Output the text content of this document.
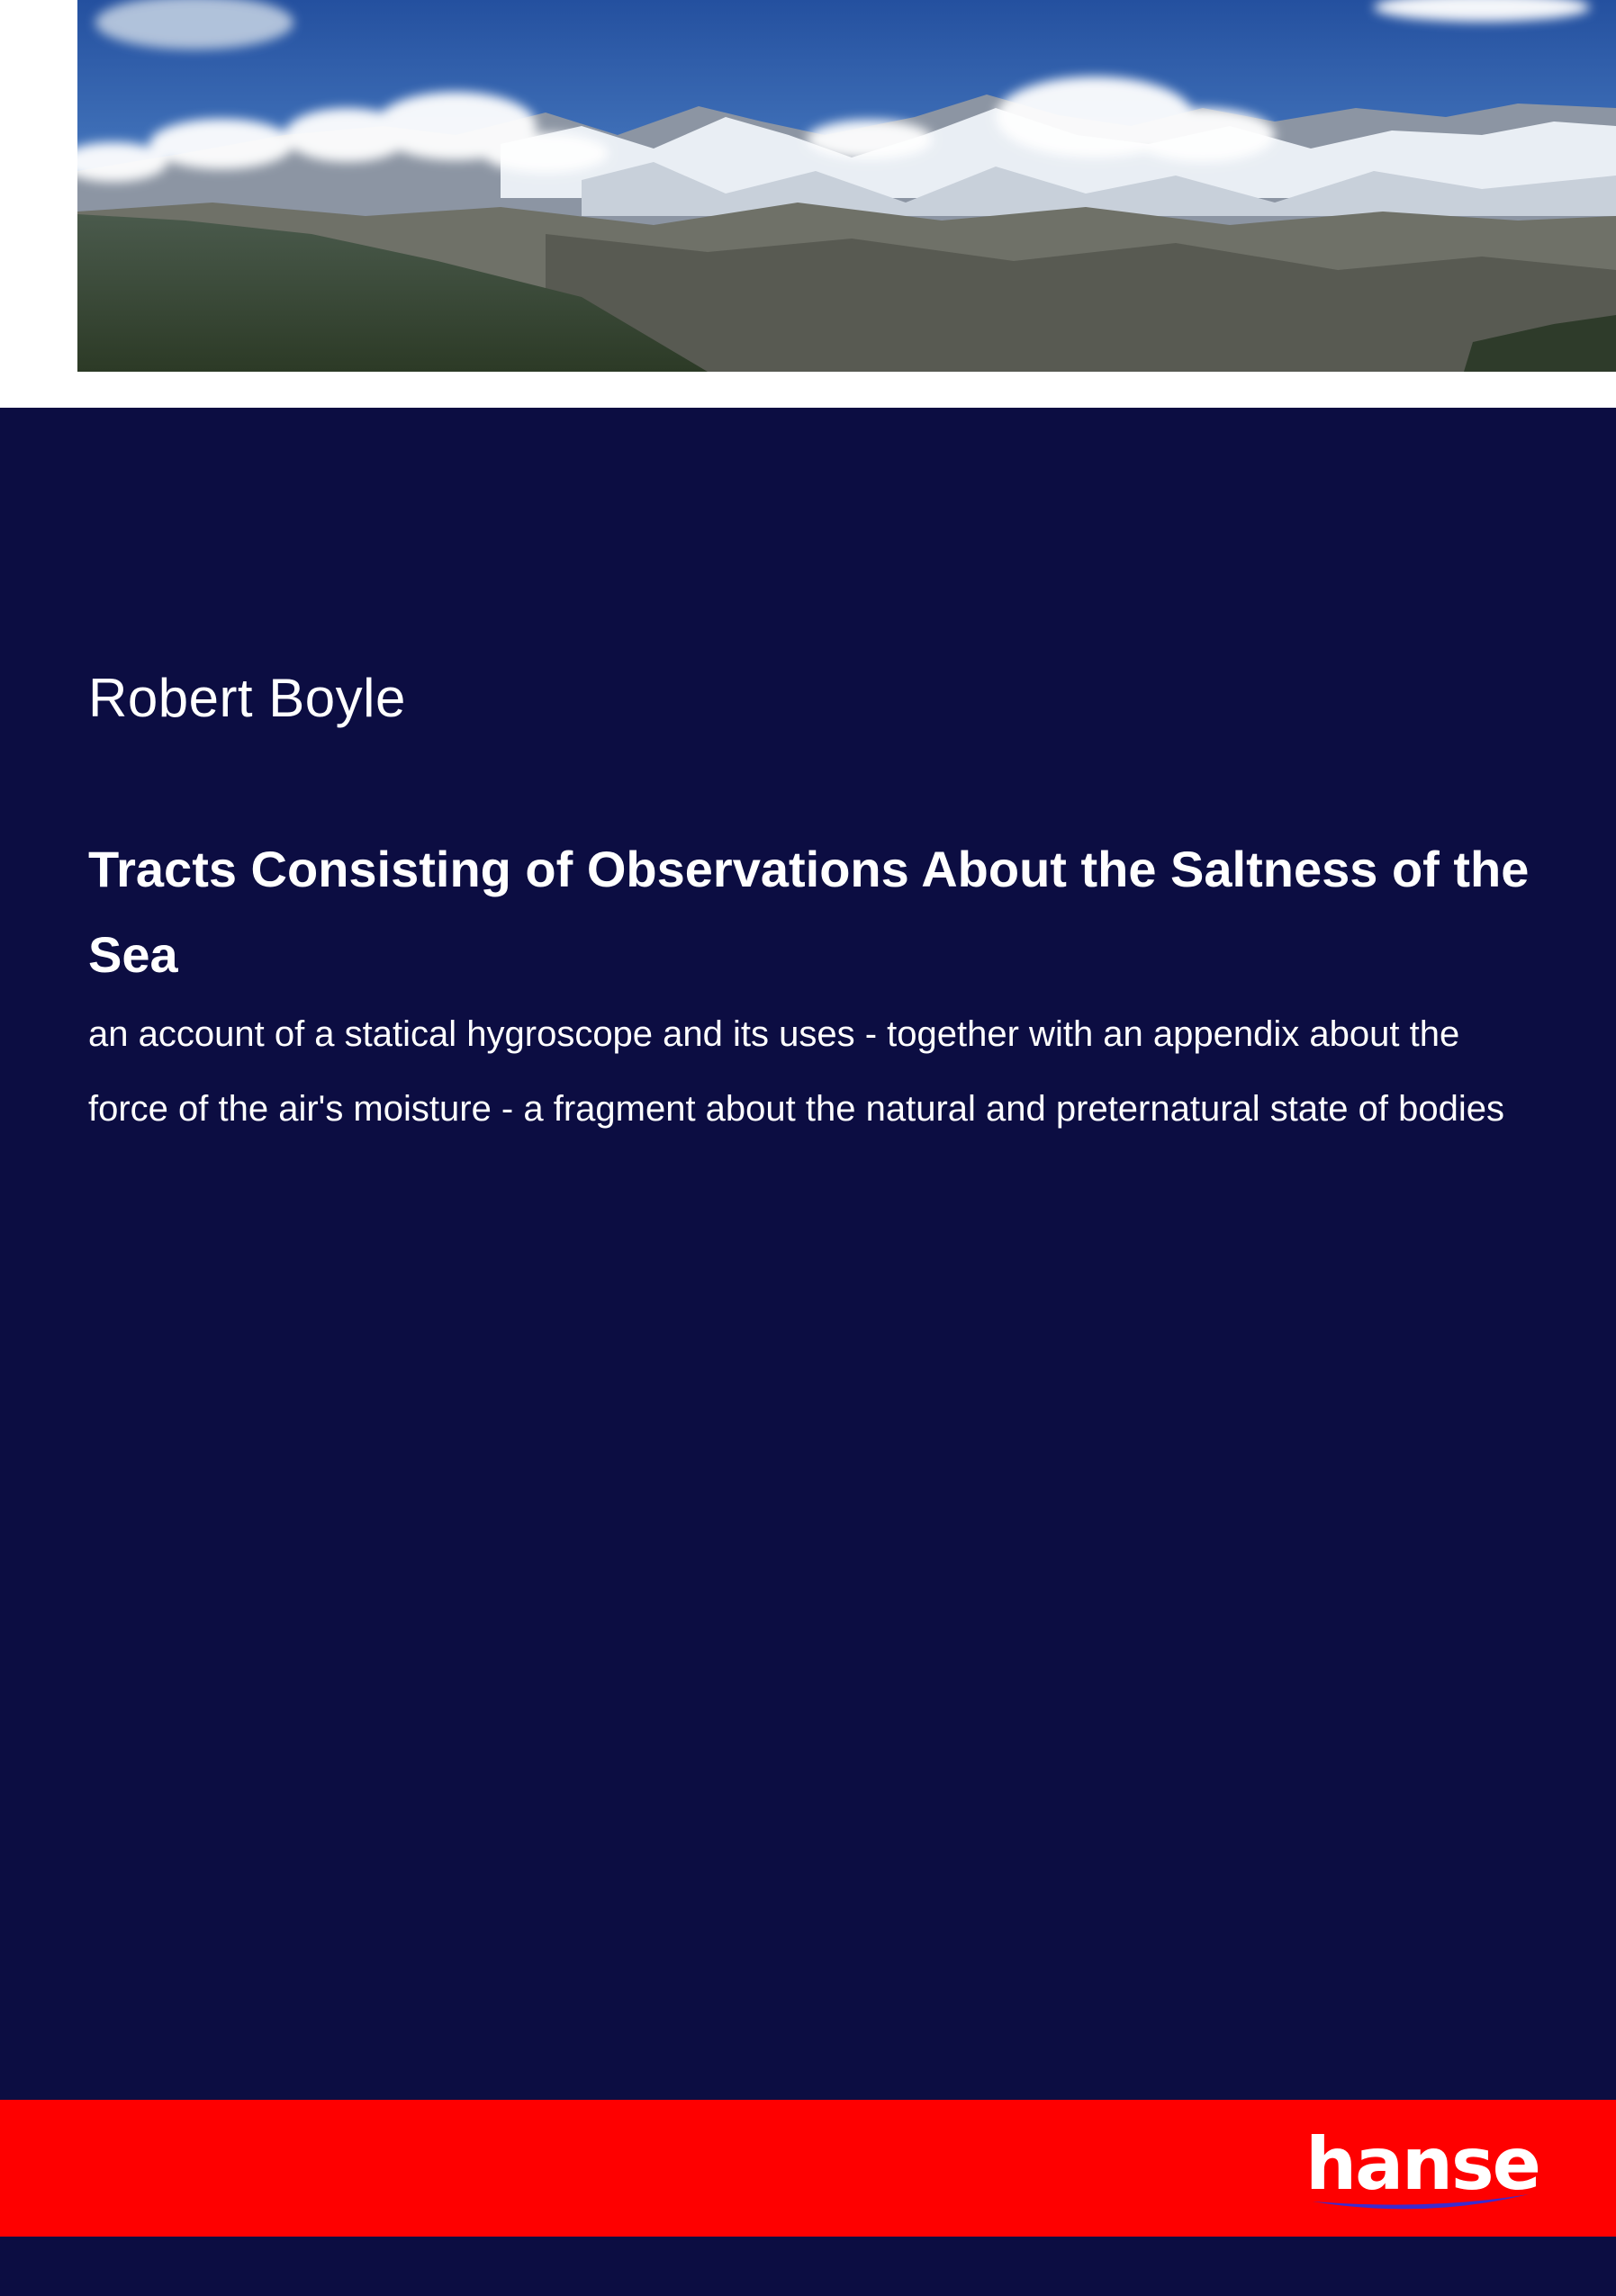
Robert Boyle
Tracts Consisting of Observations About the Saltness of the Sea

an account of a statical hygroscope and its uses - together with an appendix about the force of the air's moisture - a fragment about the natural and preternatural state of bodies

hanse
